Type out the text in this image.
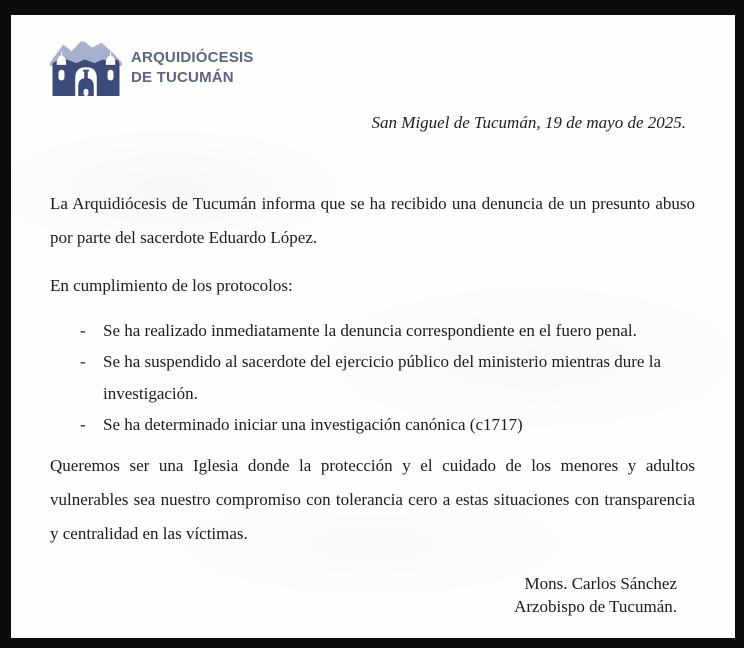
ARQUIDIÓCESIS
DE TUCUMÁN
San Miguel de Tucumán, 19 de mayo de 2025.

La Arquidiócesis de Tucumán informa que se ha recibido una denuncia de un presunto abuso por parte del sacerdote Eduardo López.

En cumplimiento de los protocolos:

-	Se ha realizado inmediatamente la denuncia correspondiente en el fuero penal.
-	Se ha suspendido al sacerdote del ejercicio público del ministerio mientras dure la investigación.
-	Se ha determinado iniciar una investigación canónica (c1717)

Queremos ser una Iglesia donde la protección y el cuidado de los menores y adultos vulnerables sea nuestro compromiso con tolerancia cero a estas situaciones con transparencia y centralidad en las víctimas.

Mons. Carlos Sánchez
Arzobispo de Tucumán.
